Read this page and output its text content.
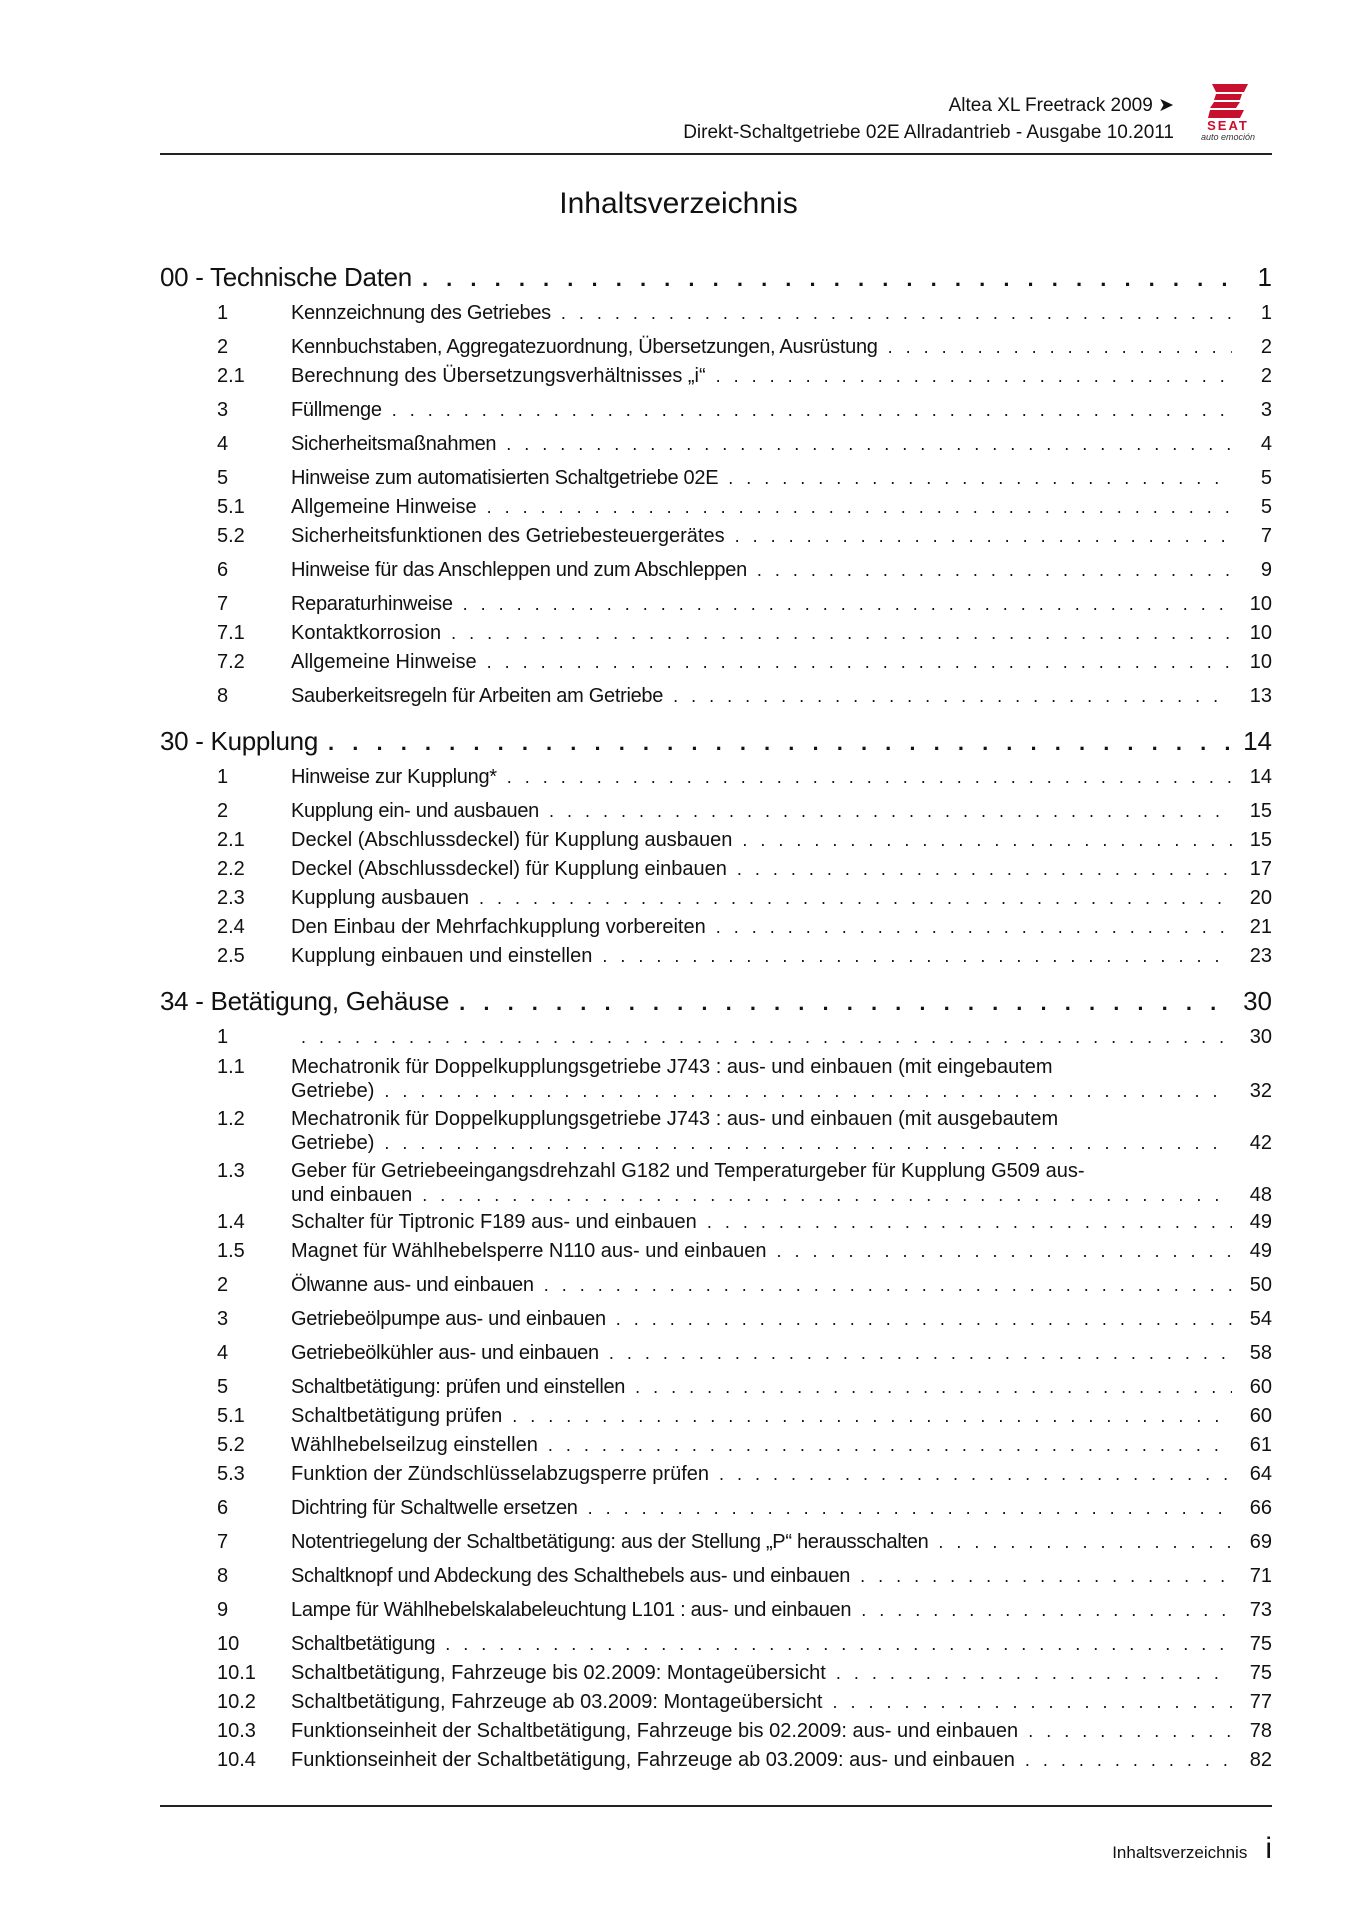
Altea XL Freetrack 2009 ➤
Direkt-Schaltgetriebe 02E Allradantrieb - Ausgabe 10.2011	SEAT
auto emoción
Inhaltsverzeichnis
00 - Technische Daten . . .	1
1	Kennzeichnung des Getriebes . . .	1
2	Kennbuchstaben, Aggregatezuordnung, Übersetzungen, Ausrüstung . . .	2
2.1	Berechnung des Übersetzungsverhältnisses „i“ . . .	2
3	Füllmenge . . .	3
4	Sicherheitsmaßnahmen . . .	4
5	Hinweise zum automatisierten Schaltgetriebe 02E . . .	5
5.1	Allgemeine Hinweise . . .	5
5.2	Sicherheitsfunktionen des Getriebesteuergerätes . . .	7
6	Hinweise für das Anschleppen und zum Abschleppen . . .	9
7	Reparaturhinweise . . .	10
7.1	Kontaktkorrosion . . .	10
7.2	Allgemeine Hinweise . . .	10
8	Sauberkeitsregeln für Arbeiten am Getriebe . . .	13
30 - Kupplung . . .	14
1	Hinweise zur Kupplung* . . .	14
2	Kupplung ein- und ausbauen . . .	15
2.1	Deckel (Abschlussdeckel) für Kupplung ausbauen . . .	15
2.2	Deckel (Abschlussdeckel) für Kupplung einbauen . . .	17
2.3	Kupplung ausbauen . . .	20
2.4	Den Einbau der Mehrfachkupplung vorbereiten . . .	21
2.5	Kupplung einbauen und einstellen . . .	23
34 - Betätigung, Gehäuse . . .	30
1 . . .	30
1.1	Mechatronik für Doppelkupplungsgetriebe J743 : aus- und einbauen (mit eingebautem
Getriebe) . . .	32
1.2	Mechatronik für Doppelkupplungsgetriebe J743 : aus- und einbauen (mit ausgebautem
Getriebe) . . .	42
1.3	Geber für Getriebeeingangsdrehzahl G182 und Temperaturgeber für Kupplung G509 aus-
und einbauen . . .	48
1.4	Schalter für Tiptronic F189 aus- und einbauen . . .	49
1.5	Magnet für Wählhebelsperre N110 aus- und einbauen . . .	49
2	Ölwanne aus- und einbauen . . .	50
3	Getriebeölpumpe aus- und einbauen . . .	54
4	Getriebeölkühler aus- und einbauen . . .	58
5	Schaltbetätigung: prüfen und einstellen . . .	60
5.1	Schaltbetätigung prüfen . . .	60
5.2	Wählhebelseilzug einstellen . . .	61
5.3	Funktion der Zündschlüsselabzugsperre prüfen . . .	64
6	Dichtring für Schaltwelle ersetzen . . .	66
7	Notentriegelung der Schaltbetätigung: aus der Stellung „P“ herausschalten . . .	69
8	Schaltknopf und Abdeckung des Schalthebels aus- und einbauen . . .	71
9	Lampe für Wählhebelskalabeleuchtung L101 : aus- und einbauen . . .	73
10	Schaltbetätigung . . .	75
10.1	Schaltbetätigung, Fahrzeuge bis 02.2009: Montageübersicht . . .	75
10.2	Schaltbetätigung, Fahrzeuge ab 03.2009: Montageübersicht . . .	77
10.3	Funktionseinheit der Schaltbetätigung, Fahrzeuge bis 02.2009: aus- und einbauen . . .	78
10.4	Funktionseinheit der Schaltbetätigung, Fahrzeuge ab 03.2009: aus- und einbauen . . .	82
Inhaltsverzeichnis i
